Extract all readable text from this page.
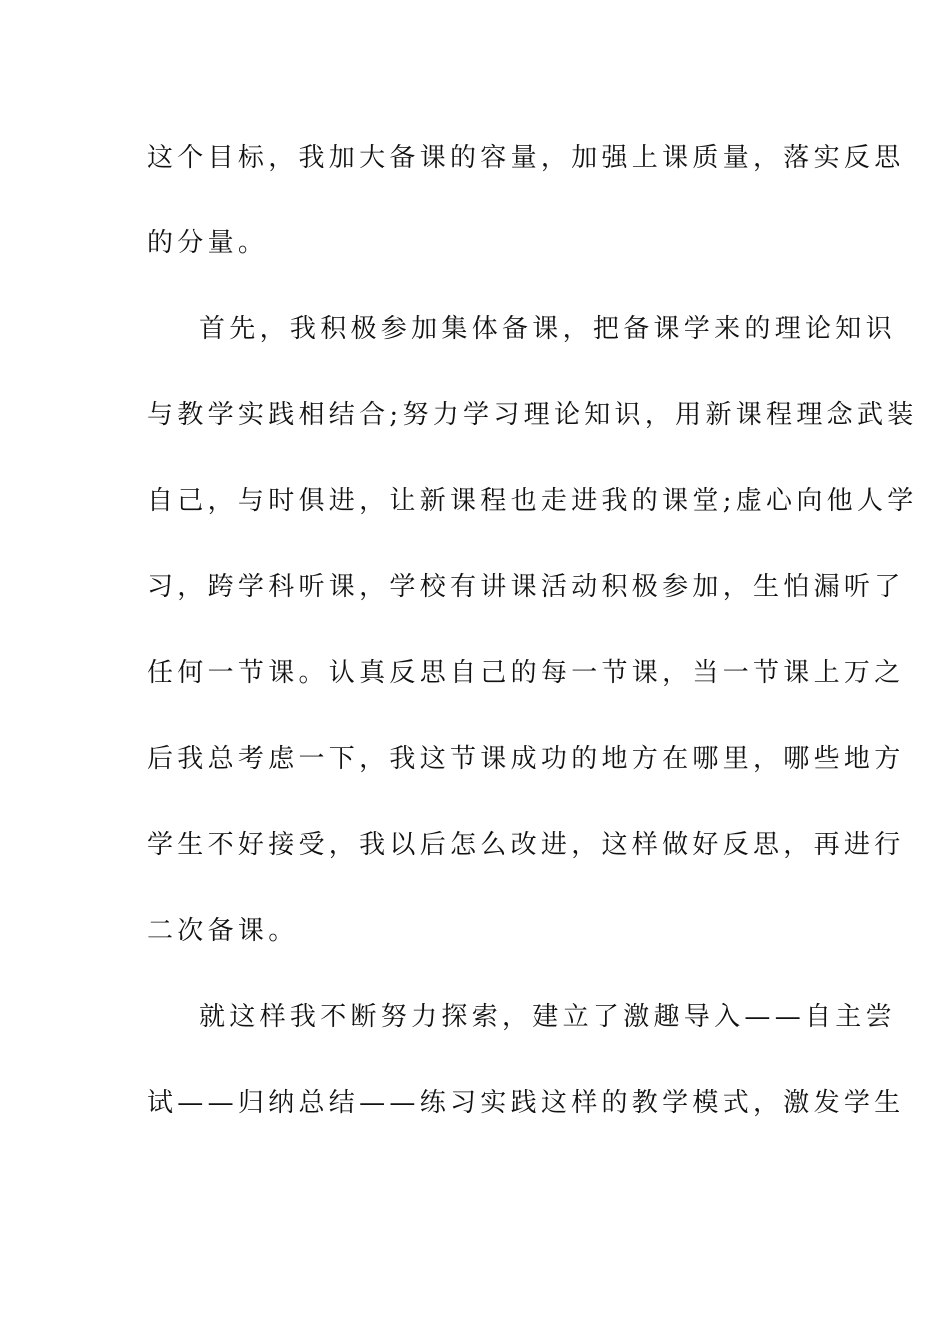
这个目标，我加大备课的容量，加强上课质量，落实反思
的分量。
首先，我积极参加集体备课，把备课学来的理论知识
与教学实践相结合;努力学习理论知识，用新课程理念武装
自己，与时俱进，让新课程也走进我的课堂;虚心向他人学
习，跨学科听课，学校有讲课活动积极参加，生怕漏听了
任何一节课。认真反思自己的每一节课，当一节课上万之
后我总考虑一下，我这节课成功的地方在哪里，哪些地方
学生不好接受，我以后怎么改进，这样做好反思，再进行
二次备课。
就这样我不断努力探索，建立了激趣导入——自主尝
试——归纳总结——练习实践这样的教学模式，激发学生
